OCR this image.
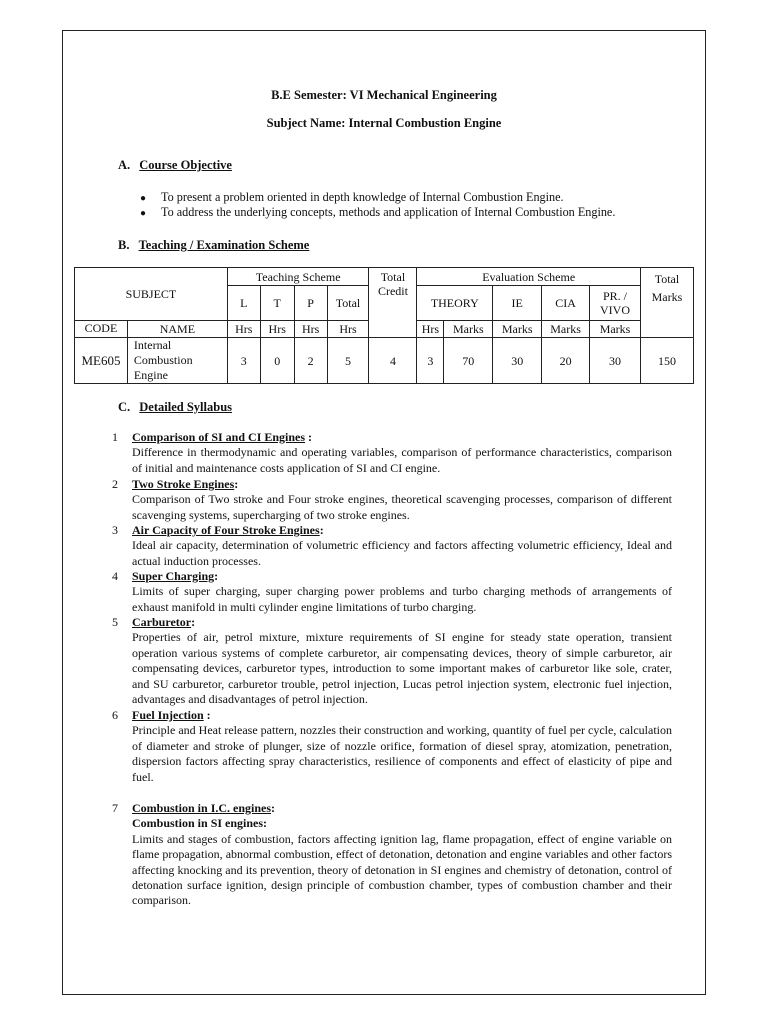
B.E Semester: VI Mechanical Engineering
Subject Name: Internal Combustion Engine
A. Course Objective
● To present a problem oriented in depth knowledge of Internal Combustion Engine.
● To address the underlying concepts, methods and application of Internal Combustion Engine.
B. Teaching / Examination Scheme
SUBJECT		Teaching Scheme				Total Credit	Evaluation Scheme					Total Marks

		L	T	P	Total		THEORY		IE	CIA	PR. / VIVO	

CODE	NAME	Hrs	Hrs	Hrs	Hrs		Hrs	Marks	Marks	Marks	Marks	
ME605	Internal Combustion Engine	3	0	2	5	4	3	70	30	20	30	150
C. Detailed Syllabus
1 Comparison of SI and CI Engines :
Difference in thermodynamic and operating variables, comparison of performance characteristics, comparison of initial and maintenance costs application of SI and CI engine.
2 Two Stroke Engines:
Comparison of Two stroke and Four stroke engines, theoretical scavenging processes, comparison of different scavenging systems, supercharging of two stroke engines.
3 Air Capacity of Four Stroke Engines:
Ideal air capacity, determination of volumetric efficiency and factors affecting volumetric efficiency, Ideal and actual induction processes.
4 Super Charging:
Limits of super charging, super charging power problems and turbo charging methods of arrangements of exhaust manifold in multi cylinder engine limitations of turbo charging.
5 Carburetor:
Properties of air, petrol mixture, mixture requirements of SI engine for steady state operation, transient operation various systems of complete carburetor, air compensating devices, theory of simple carburetor, air compensating devices, carburetor types, introduction to some important makes of carburetor like sole, crater, and SU carburetor, carburetor trouble, petrol injection, Lucas petrol injection system, electronic fuel injection, advantages and disadvantages of petrol injection.
6 Fuel Injection :
Principle and Heat release pattern, nozzles their construction and working, quantity of fuel per cycle, calculation of diameter and stroke of plunger, size of nozzle orifice, formation of diesel spray, atomization, penetration, dispersion factors affecting spray characteristics, resilience of components and effect of elasticity of pipe and fuel.
7 Combustion in I.C. engines:
Combustion in SI engines:
Limits and stages of combustion, factors affecting ignition lag, flame propagation, effect of engine variable on flame propagation, abnormal combustion, effect of detonation, detonation and engine variables and other factors affecting knocking and its prevention, theory of detonation in SI engines and chemistry of detonation, control of detonation surface ignition, design principle of combustion chamber, types of combustion chamber and their comparison.
